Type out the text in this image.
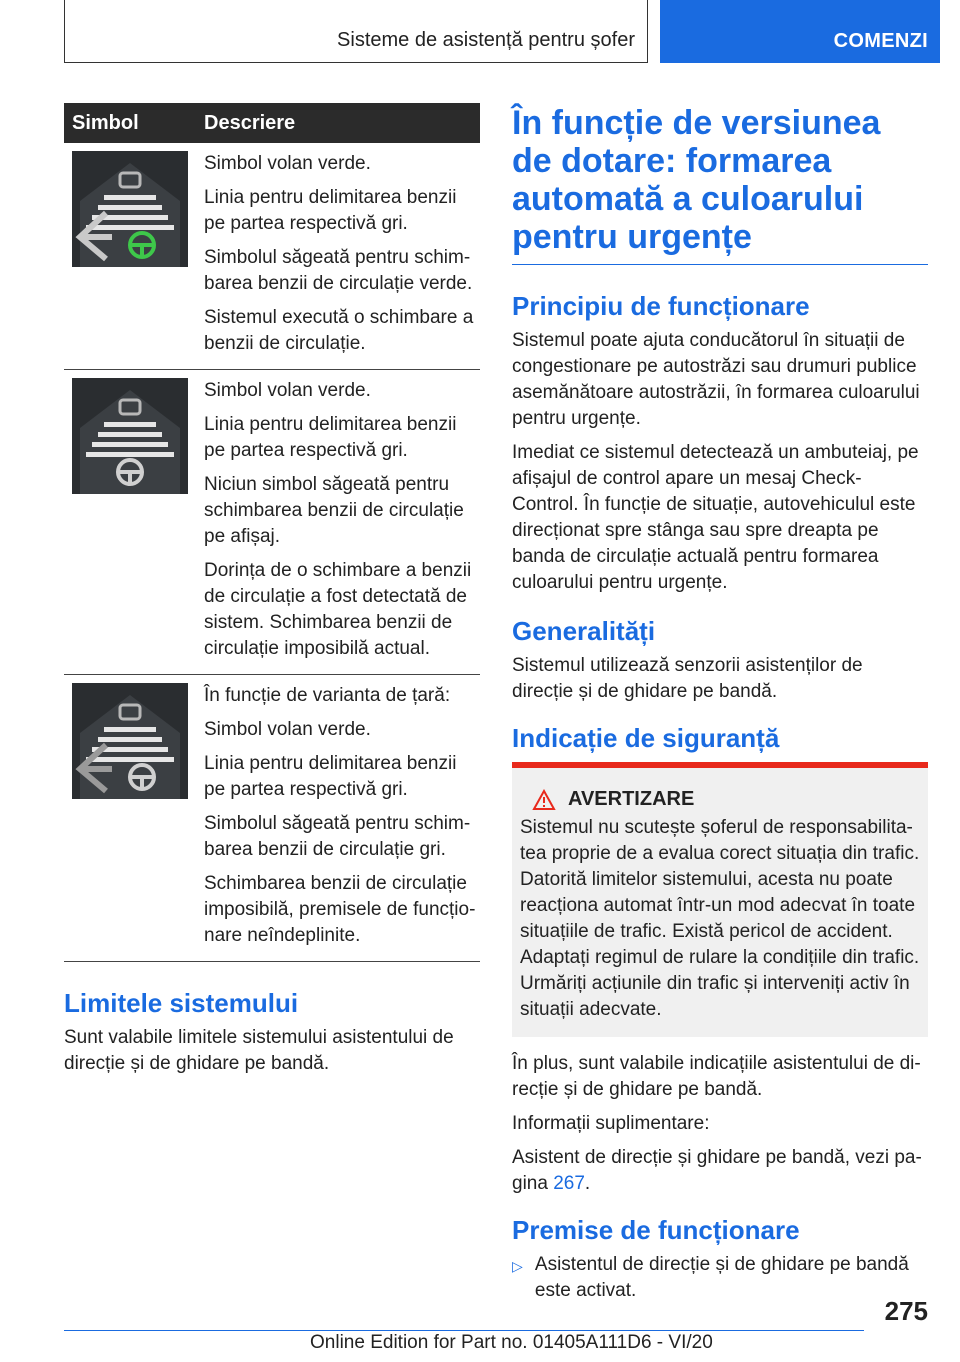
Sisteme de asistență pentru șofer	COMENZI
Simbol	Descriere

Simbol volan verde.
Linia pentru delimitarea benzii pe partea respectivă gri.
Simbolul săgeată pentru schimbarea benzii de circulație verde.
Sistemul execută o schimbare a benzii de circulație.

Simbol volan verde.
Linia pentru delimitarea benzii pe partea respectivă gri.
Niciun simbol săgeată pentru schimbarea benzii de circulație pe afișaj.
Dorința de o schimbare a benzii de circulație a fost detectată de sistem. Schimbarea benzii de circulație imposibilă actual.

În funcție de varianta de țară:
Simbol volan verde.
Linia pentru delimitarea benzii pe partea respectivă gri.
Simbolul săgeată pentru schimbarea benzii de circulație gri.
Schimbarea benzii de circulație imposibilă, premisele de funcționare neîndeplinite.
Limitele sistemului

Sunt valabile limitele sistemului asistentului de direcție și de ghidare pe bandă.

În funcție de versiunea de dotare: formarea automată a culoarului pentru urgențe
Principiu de funcționare

Sistemul poate ajuta conducătorul în situații de congestionare pe autostrăzi sau drumuri publice asemănătoare autostrăzii, în formarea culoarului pentru urgențe.

Imediat ce sistemul detectează un ambuteiaj, pe afișajul de control apare un mesaj Check-Control. În funcție de situație, autovehiculul este direcționat spre stânga sau spre dreapta pe banda de circulație actuală pentru formarea culoarului pentru urgențe.

Generalități

Sistemul utilizează senzorii asistenților de direcție și de ghidare pe bandă.

Indicație de siguranță
AVERTIZARE

Sistemul nu scutește șoferul de responsabilitatea proprie de a evalua corect situația din trafic. Datorită limitelor sistemului, acesta nu poate reacționa automat într-un mod adecvat în toate situațiile de trafic. Există pericol de accident. Adaptați regimul de rulare la condițiile din trafic. Urmăriți acțiunile din trafic și interveniți activ în situații adecvate.

În plus, sunt valabile indicațiile asistentului de direcție și de ghidare pe bandă.

Informații suplimentare:

Asistent de direcție și ghidare pe bandă, vezi pagina 267.

Premise de funcționare
▷ Asistentul de direcție și de ghidare pe bandă este activat.
275
Online Edition for Part no. 01405A111D6 - VI/20
